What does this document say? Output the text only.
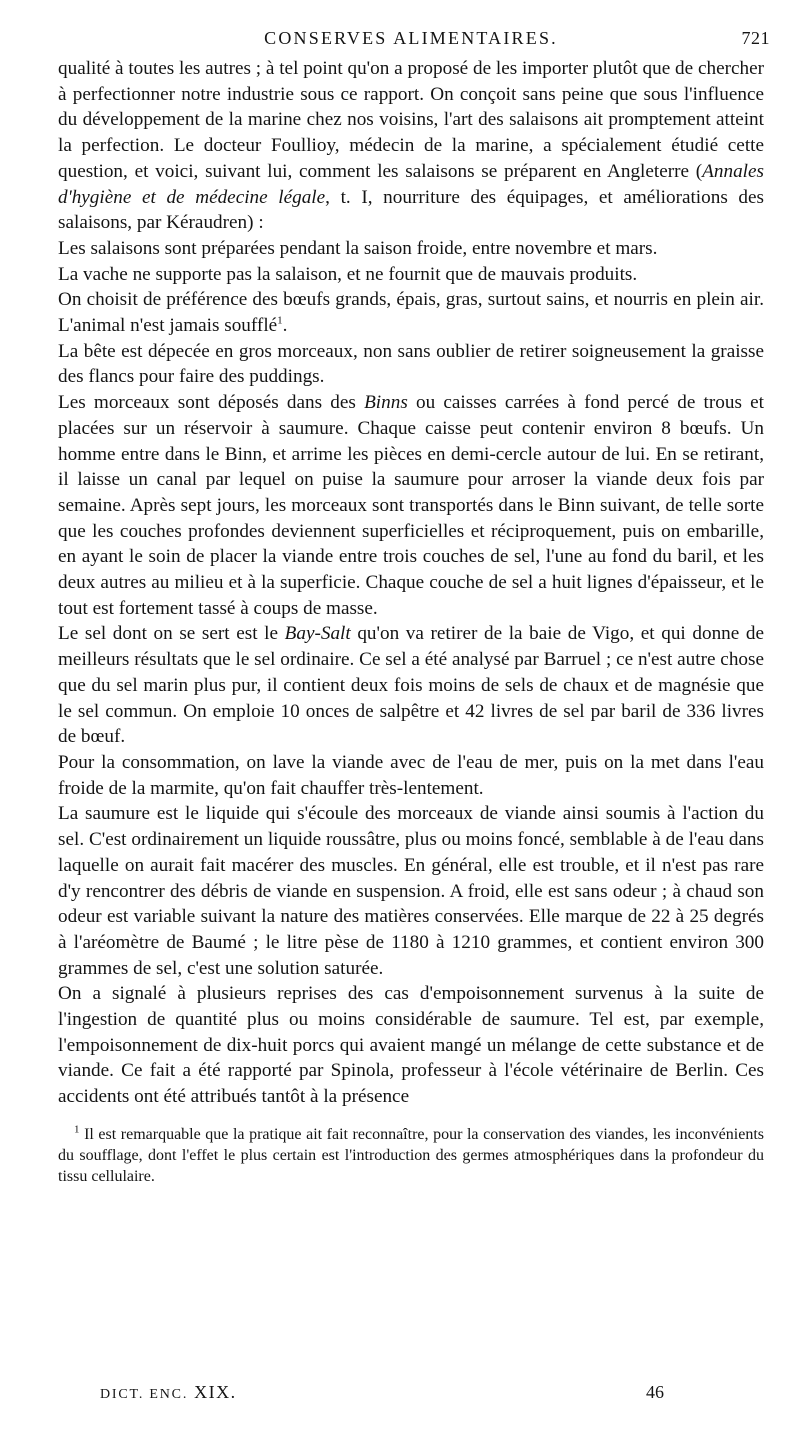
CONSERVES ALIMENTAIRES.	721

qualité à toutes les autres ; à tel point qu'on a proposé de les importer plutôt que de chercher à perfectionner notre industrie sous ce rapport. On conçoit sans peine que sous l'influence du développement de la marine chez nos voisins, l'art des salaisons ait promptement atteint la perfection. Le docteur Foullioy, médecin de la marine, a spécialement étudié cette question, et voici, suivant lui, comment les salaisons se préparent en Angleterre (Annales d'hygiène et de médecine légale, t. I, nourriture des équipages, et améliorations des salaisons, par Kéraudren) :

Les salaisons sont préparées pendant la saison froide, entre novembre et mars.

La vache ne supporte pas la salaison, et ne fournit que de mauvais produits.

On choisit de préférence des bœufs grands, épais, gras, surtout sains, et nourris en plein air. L'animal n'est jamais soufflé$^1$.

La bête est dépecée en gros morceaux, non sans oublier de retirer soigneusement la graisse des flancs pour faire des puddings.

Les morceaux sont déposés dans des Binns ou caisses carrées à fond percé de trous et placées sur un réservoir à saumure. Chaque caisse peut contenir environ 8 bœufs. Un homme entre dans le Binn, et arrime les pièces en demi-cercle autour de lui. En se retirant, il laisse un canal par lequel on puise la saumure pour arroser la viande deux fois par semaine. Après sept jours, les morceaux sont transportés dans le Binn suivant, de telle sorte que les couches profondes deviennent superficielles et réciproquement, puis on embarille, en ayant le soin de placer la viande entre trois couches de sel, l'une au fond du baril, et les deux autres au milieu et à la superficie. Chaque couche de sel a huit lignes d'épaisseur, et le tout est fortement tassé à coups de masse.

Le sel dont on se sert est le Bay-Salt qu'on va retirer de la baie de Vigo, et qui donne de meilleurs résultats que le sel ordinaire. Ce sel a été analysé par Barruel ; ce n'est autre chose que du sel marin plus pur, il contient deux fois moins de sels de chaux et de magnésie que le sel commun. On emploie 10 onces de salpêtre et 42 livres de sel par baril de 336 livres de bœuf.

Pour la consommation, on lave la viande avec de l'eau de mer, puis on la met dans l'eau froide de la marmite, qu'on fait chauffer très-lentement.

La saumure est le liquide qui s'écoule des morceaux de viande ainsi soumis à l'action du sel. C'est ordinairement un liquide roussâtre, plus ou moins foncé, semblable à de l'eau dans laquelle on aurait fait macérer des muscles. En général, elle est trouble, et il n'est pas rare d'y rencontrer des débris de viande en suspension. A froid, elle est sans odeur ; à chaud son odeur est variable suivant la nature des matières conservées. Elle marque de 22 à 25 degrés à l'aréomètre de Baumé ; le litre pèse de 1180 à 1210 grammes, et contient environ 300 grammes de sel, c'est une solution saturée.

On a signalé à plusieurs reprises des cas d'empoisonnement survenus à la suite de l'ingestion de quantité plus ou moins considérable de saumure. Tel est, par exemple, l'empoisonnement de dix-huit porcs qui avaient mangé un mélange de cette substance et de viande. Ce fait a été rapporté par Spinola, professeur à l'école vétérinaire de Berlin. Ces accidents ont été attribués tantôt à la présence

$^1$ Il est remarquable que la pratique ait fait reconnaître, pour la conservation des viandes, les inconvénients du soufflage, dont l'effet le plus certain est l'introduction des germes atmosphériques dans la profondeur du tissu cellulaire.

DICT. ENC. XIX.	46
